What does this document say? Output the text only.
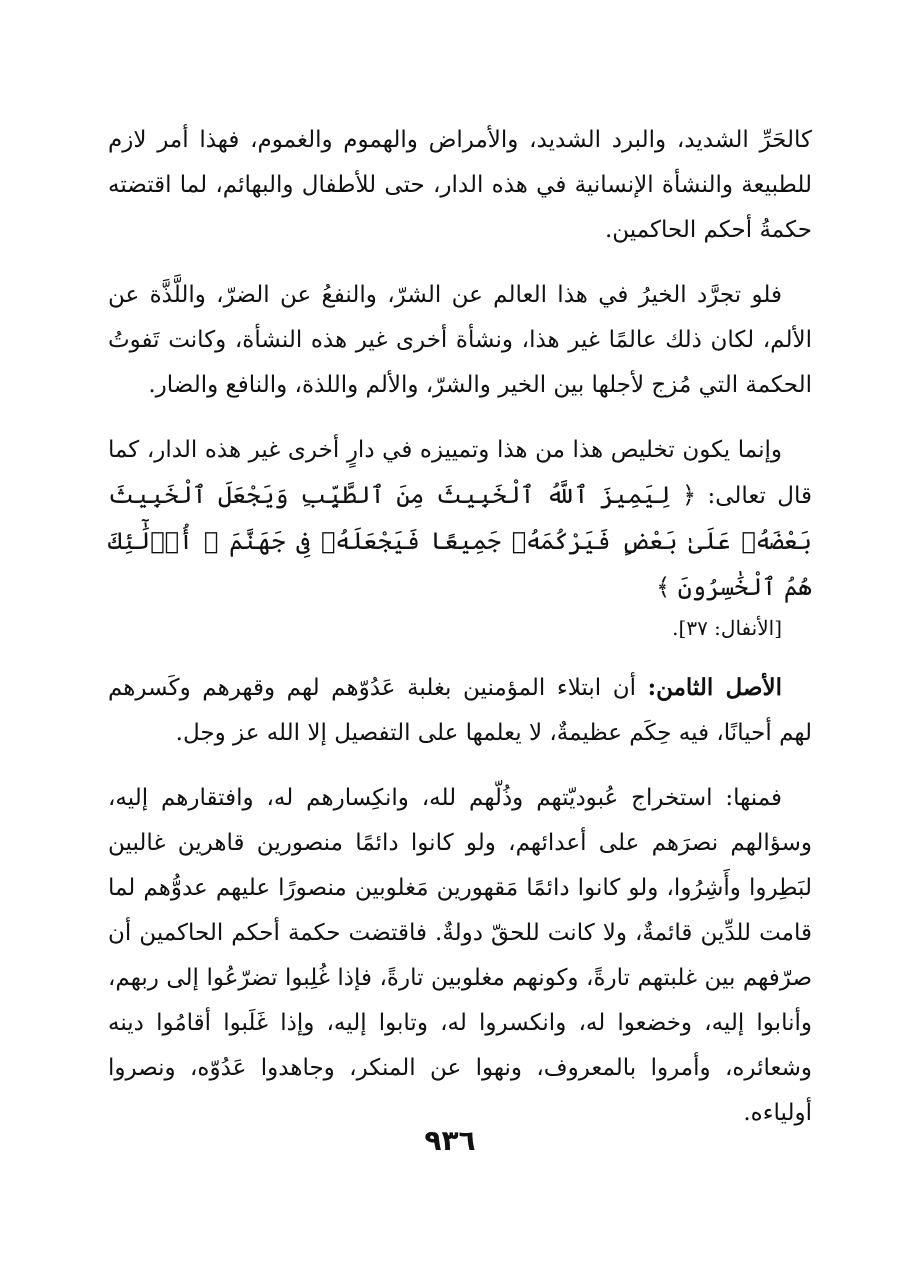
كالحَرِّ الشديد، والبرد الشديد، والأمراض والهموم والغموم، فهذا أمر لازم للطبيعة والنشأة الإنسانية في هذه الدار، حتى للأطفال والبهائم، لما اقتضته حكمةُ أحكم الحاكمين.

فلو تجرَّد الخيرُ في هذا العالم عن الشرّ، والنفعُ عن الضرّ، واللَّذَّة عن الألم، لكان ذلك عالمًا غير هذا، ونشأة أخرى غير هذه النشأة، وكانت تَفوتُ الحكمة التي مُزج لأجلها بين الخير والشرّ، والألم واللذة، والنافع والضار.

وإنما يكون تخليص هذا من هذا وتمييزه في دارٍ أخرى غير هذه الدار، كما قال تعالى: ﴿ لِيَمِيزَ ٱللَّهُ ٱلْخَبِيثَ مِنَ ٱلطَّيِّبِ وَيَجْعَلَ ٱلْخَبِيثَ بَعْضَهُۥ عَلَىٰ بَعْضٍ فَيَرْكُمَهُۥ جَمِيعًا فَيَجْعَلَهُۥ فِى جَهَنَّمَ ۚ أُو۟لَٰٓئِكَ هُمُ ٱلْخَٰسِرُونَ ﴾
[الأنفال: ٣٧].

الأصل الثامن: أن ابتلاء المؤمنين بغلبة عَدُوّهم لهم وقهرهم وكَسرهم لهم أحيانًا، فيه حِكَم عظيمةٌ، لا يعلمها على التفصيل إلا الله عز وجل.

فمنها: استخراج عُبوديّتهم وذُلّهم لله، وانكِسارهم له، وافتقارهم إليه، وسؤالهم نصرَهم على أعدائهم، ولو كانوا دائمًا منصورين قاهرين غالبين لبَطِروا وأَشِرُوا، ولو كانوا دائمًا مَقهورين مَغلوبين منصورًا عليهم عدوُّهم لما قامت للدِّين قائمةٌ، ولا كانت للحقّ دولةٌ. فاقتضت حكمة أحكم الحاكمين أن صرّفهم بين غلبتهم تارةً، وكونهم مغلوبين تارةً، فإذا غُلِبوا تضرّعُوا إلى ربهم، وأنابوا إليه، وخضعوا له، وانكسروا له، وتابوا إليه، وإذا غَلَبوا أقامُوا دينه وشعائره، وأمروا بالمعروف، ونهوا عن المنكر، وجاهدوا عَدُوّه، ونصروا أولياءه.

٩٣٦
